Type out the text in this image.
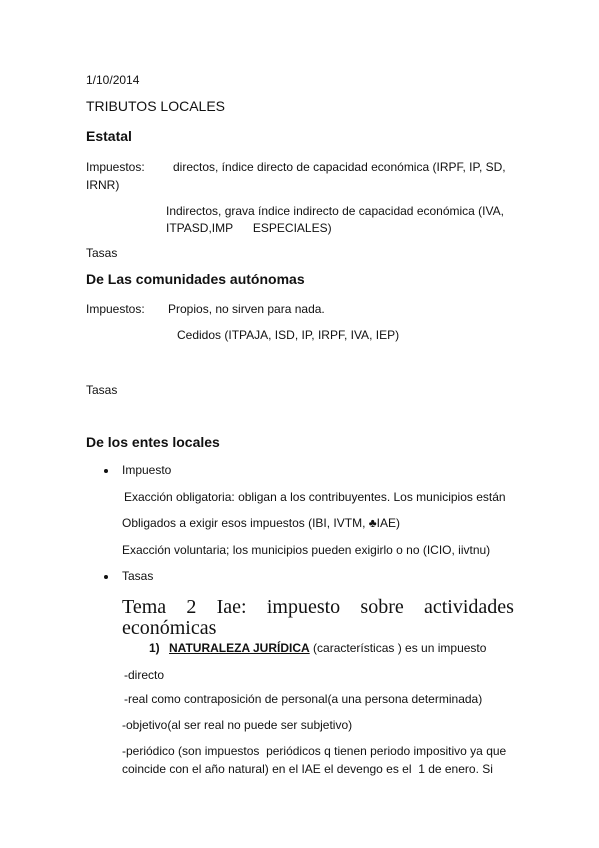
1/10/2014
TRIBUTOS LOCALES
Estatal
Impuestos: directos, índice directo de capacidad económica (IRPF, IP, SD,
IRNR)
Indirectos, grava índice indirecto de capacidad económica (IVA,
ITPASD,IMP      ESPECIALES)
Tasas
De Las comunidades autónomas
Impuestos: Propios, no sirven para nada.
Cedidos (ITPAJA, ISD, IP, IRPF, IVA, IEP)
Tasas
De los entes locales
Impuesto
Exacción obligatoria: obligan a los contribuyentes. Los municipios están
Obligados a exigir esos impuestos (IBI, IVTM, ♣IAE)
Exacción voluntaria; los municipios pueden exigirlo o no (ICIO, iivtnu)
Tasas
Tema 2 Iae: impuesto sobre actividades
económicas
1) NATURALEZA JURÍDICA (características ) es un impuesto
-directo
-real como contraposición de personal(a una persona determinada)
-objetivo(al ser real no puede ser subjetivo)
-periódico (son impuestos  periódicos q tienen periodo impositivo ya que
coincide con el año natural) en el IAE el devengo es el  1 de enero. Si
